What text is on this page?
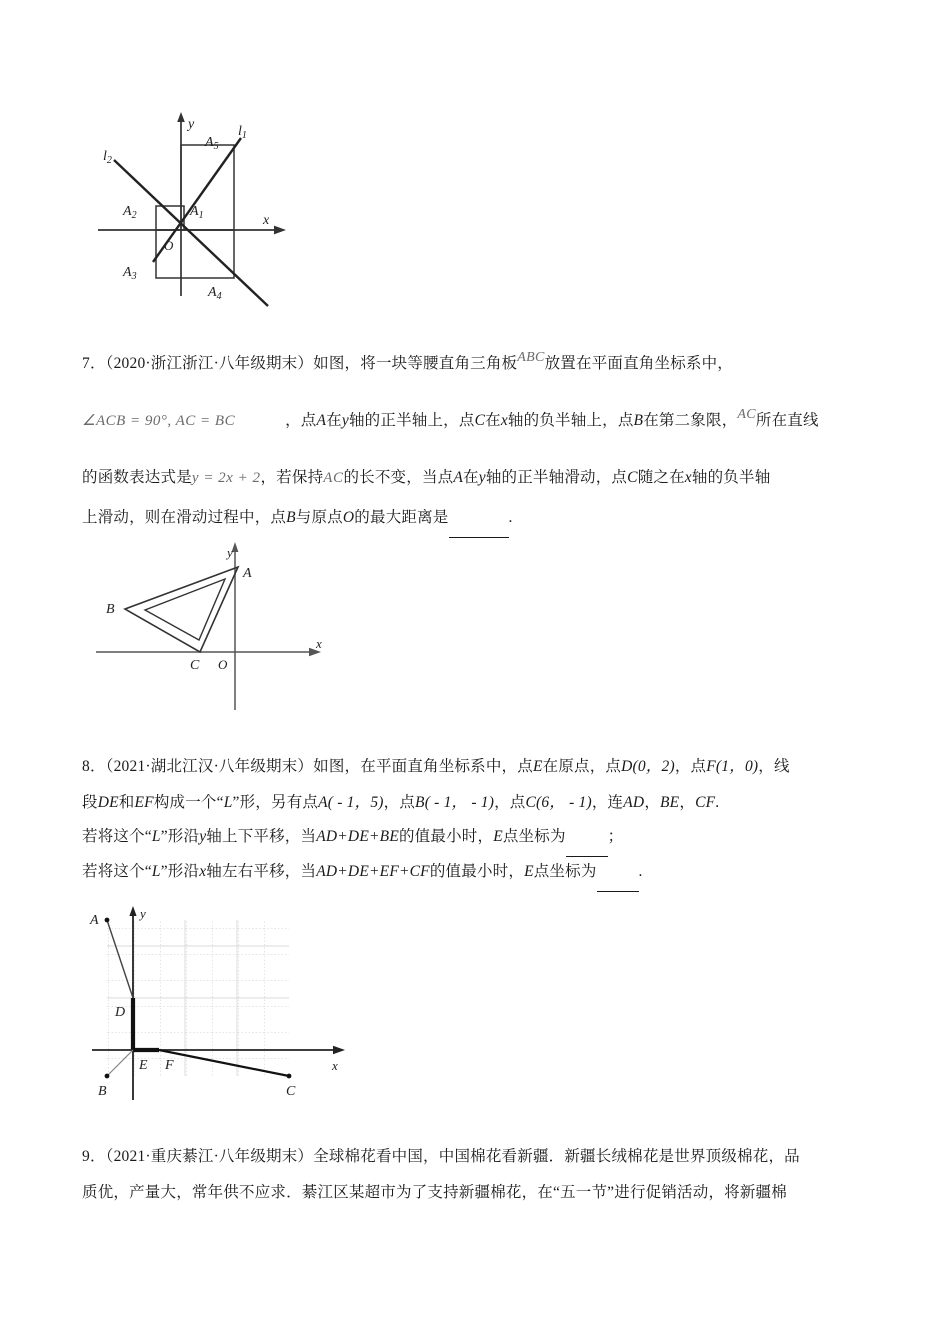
y
x
O
$l_1$
$l_2$
$A_1$
$A_2$
$A_3$
$A_4$
$A_5$
7．（2020·浙江浙江·八年级期末）如图，将一块等腰直角三角板ABC放置在平面直角坐标系中，
∠ACB = 90°, AC = BC	，点A在y轴的正半轴上，点C在x轴的负半轴上，点B在第二象限，AC所在直线
的函数表达式是y = 2x + 2，若保持AC的长不变，当点A在y轴的正半轴滑动，点C随之在x轴的负半轴
上滑动，则在滑动过程中，点B与原点O的最大距离是	.
y
x
A
B
C O
8．（2021·湖北江汉·八年级期末）如图，在平面直角坐标系中，点E在原点，点D(0，2)，点F(1，0)，线
段DE和EF构成一个“L”形，另有点A( - 1，5)，点B( - 1， - 1)，点C(6， - 1)，连AD，BE，CF.
若将这个“L”形沿y轴上下平移，当AD+DE+BE的值最小时，E点坐标为	；
若将这个“L”形沿x轴左右平移，当AD+DE+EF+CF的值最小时，E点坐标为	.
y
x
A
B	C
D
E F
9．（2021·重庆綦江·八年级期末）全球棉花看中国，中国棉花看新疆．新疆长绒棉花是世界顶级棉花，品
质优，产量大，常年供不应求．綦江区某超市为了支持新疆棉花，在“五一节”进行促销活动，将新疆棉
